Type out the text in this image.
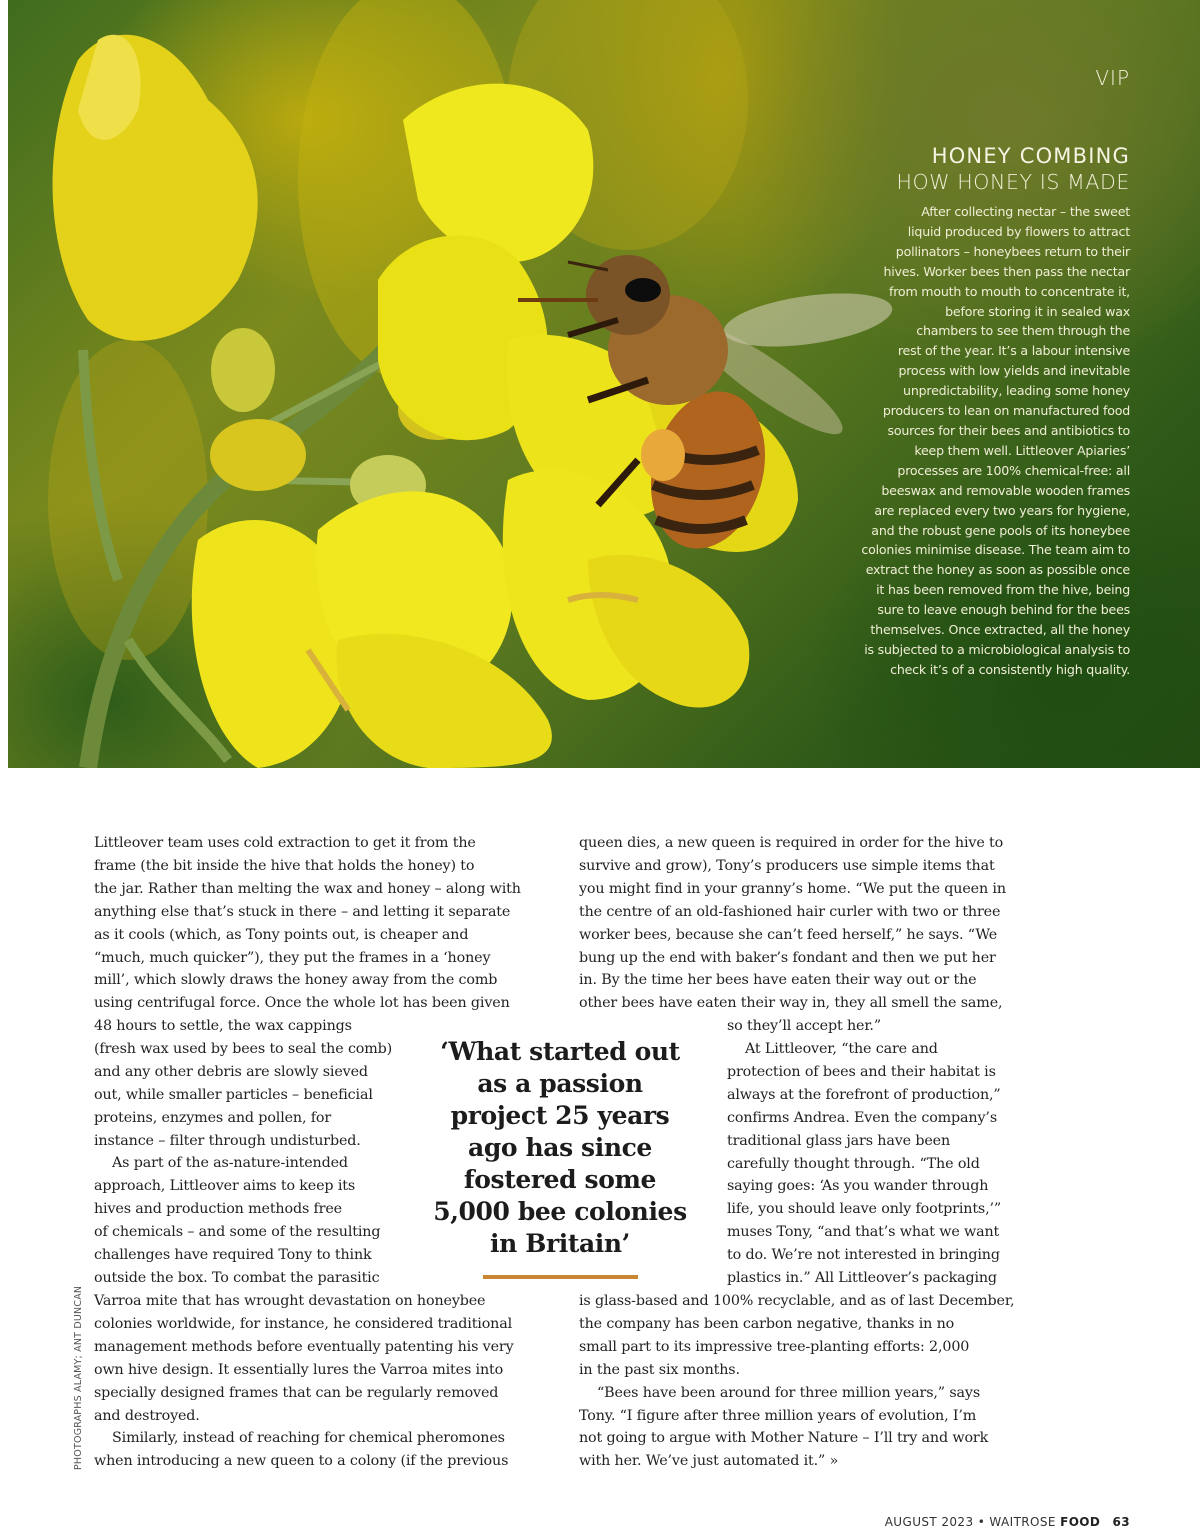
VIP
HONEY COMBING
HOW HONEY IS MADE
After collecting nectar – the sweet
liquid produced by flowers to attract
pollinators – honeybees return to their
hives. Worker bees then pass the nectar
from mouth to mouth to concentrate it,
before storing it in sealed wax
chambers to see them through the
rest of the year. It’s a labour intensive
process with low yields and inevitable
unpredictability, leading some honey
producers to lean on manufactured food
sources for their bees and antibiotics to
keep them well. Littleover Apiaries’
processes are 100% chemical-free: all
beeswax and removable wooden frames
are replaced every two years for hygiene,
and the robust gene pools of its honeybee
colonies minimise disease. The team aim to
extract the honey as soon as possible once
it has been removed from the hive, being
sure to leave enough behind for the bees
themselves. Once extracted, all the honey
is subjected to a microbiological analysis to
check it’s of a consistently high quality.
Littleover team uses cold extraction to get it from the
frame (the bit inside the hive that holds the honey) to
the jar. Rather than melting the wax and honey – along with
anything else that’s stuck in there – and letting it separate
as it cools (which, as Tony points out, is cheaper and
“much, much quicker”), they put the frames in a ‘honey
mill’, which slowly draws the honey away from the comb
using centrifugal force. Once the whole lot has been given
48 hours to settle, the wax cappings
(fresh wax used by bees to seal the comb)
and any other debris are slowly sieved
out, while smaller particles – beneficial
proteins, enzymes and pollen, for
instance – filter through undisturbed.
As part of the as-nature-intended
approach, Littleover aims to keep its
hives and production methods free
of chemicals – and some of the resulting
challenges have required Tony to think
outside the box. To combat the parasitic
Varroa mite that has wrought devastation on honeybee
colonies worldwide, for instance, he considered traditional
management methods before eventually patenting his very
own hive design. It essentially lures the Varroa mites into
specially designed frames that can be regularly removed
and destroyed.
Similarly, instead of reaching for chemical pheromones
when introducing a new queen to a colony (if the previous
queen dies, a new queen is required in order for the hive to
survive and grow), Tony’s producers use simple items that
you might find in your granny’s home. “We put the queen in
the centre of an old-fashioned hair curler with two or three
worker bees, because she can’t feed herself,” he says. “We
bung up the end with baker’s fondant and then we put her
in. By the time her bees have eaten their way out or the
other bees have eaten their way in, they all smell the same,
so they’ll accept her.”
At Littleover, “the care and
protection of bees and their habitat is
always at the forefront of production,”
confirms Andrea. Even the company’s
traditional glass jars have been
carefully thought through. “The old
saying goes: ‘As you wander through
life, you should leave only footprints,’”
muses Tony, “and that’s what we want
to do. We’re not interested in bringing
plastics in.” All Littleover’s packaging
is glass-based and 100% recyclable, and as of last December,
the company has been carbon negative, thanks in no
small part to its impressive tree-planting efforts: 2,000
in the past six months.
“Bees have been around for three million years,” says
Tony. “I figure after three million years of evolution, I’m
not going to argue with Mother Nature – I’ll try and work
with her. We’ve just automated it.” »
‘What started out
as a passion
project 25 years
ago has since
fostered some
5,000 bee colonies
in Britain’
PHOTOGRAPHS ALAMY; ANT DUNCAN
AUGUST 2023 • WAITROSE FOOD 63
